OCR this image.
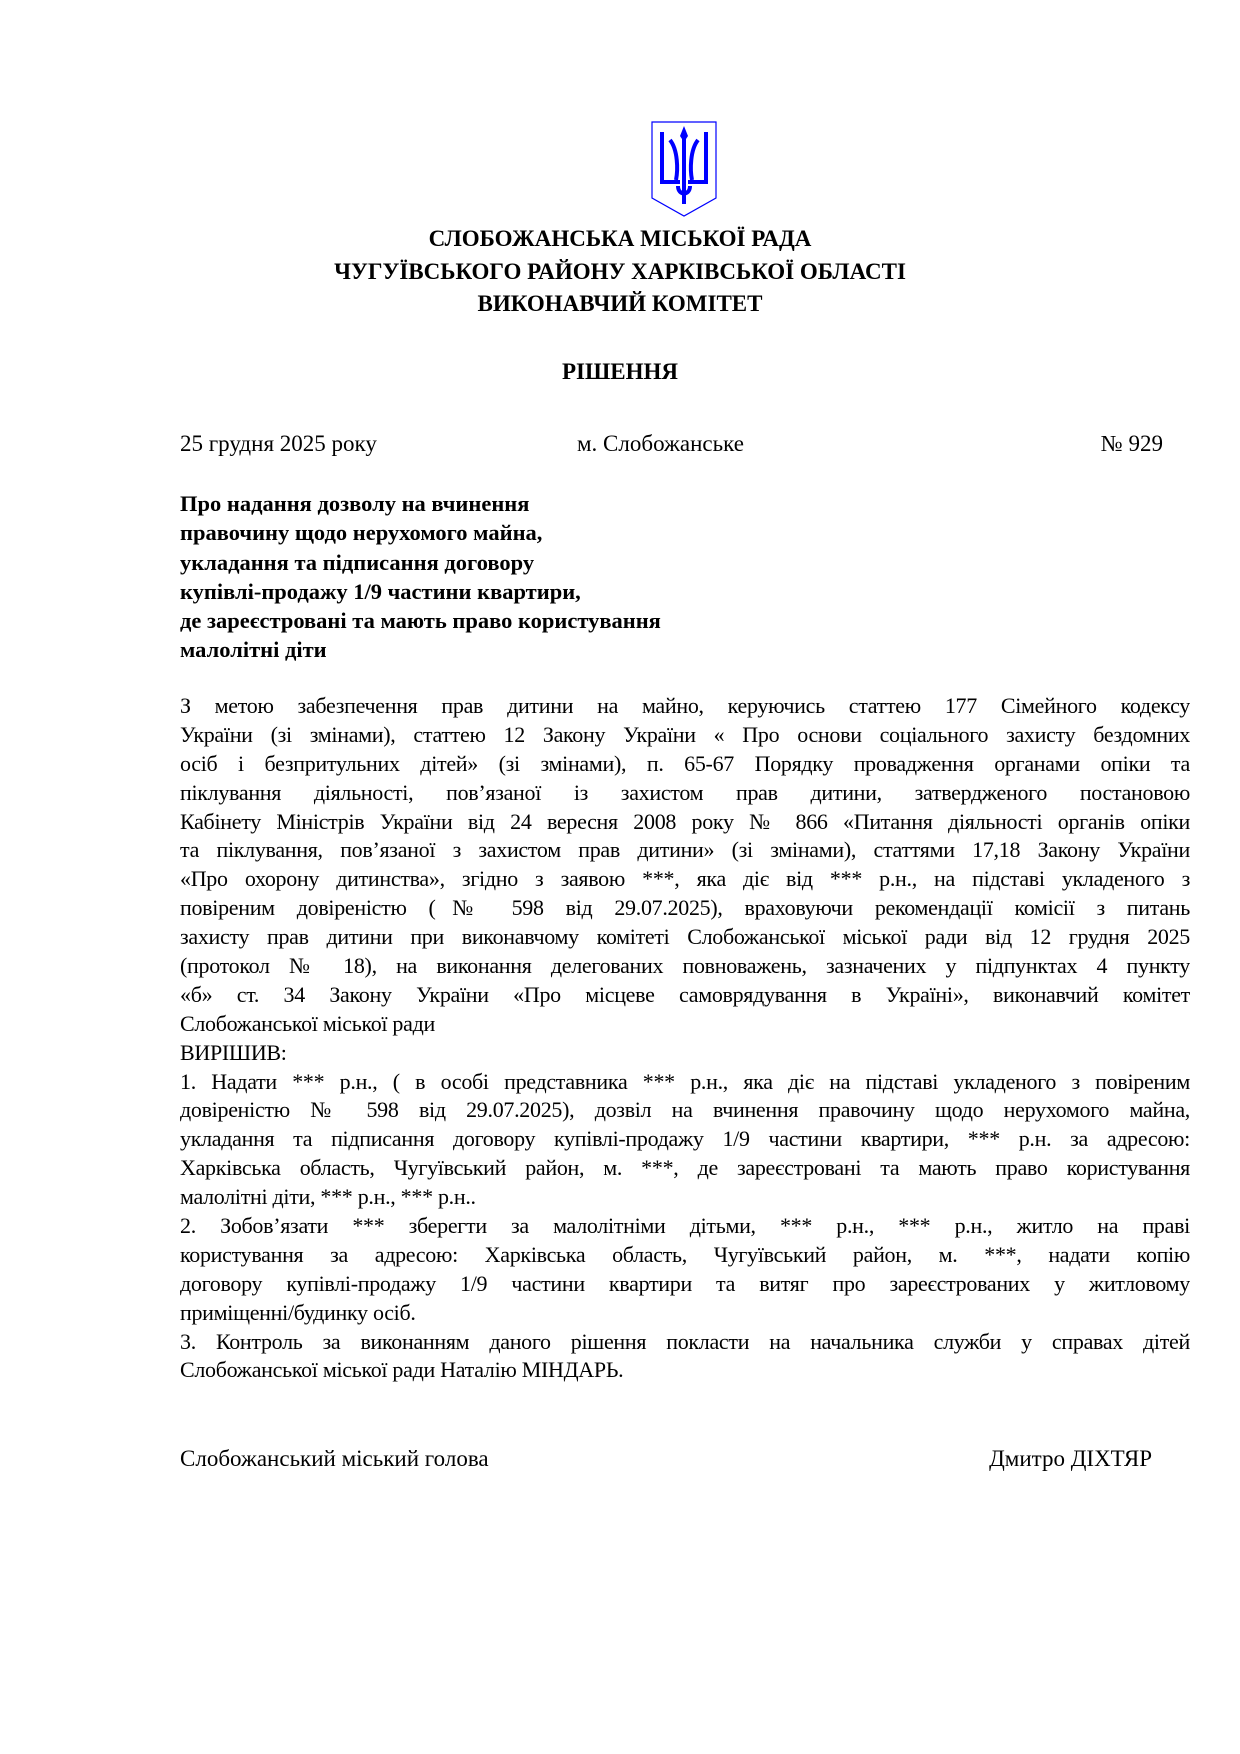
СЛОБОЖАНСЬКА МІСЬКОЇ РАДА
ЧУГУЇВСЬКОГО РАЙОНУ ХАРКІВСЬКОЇ ОБЛАСТІ
ВИКОНАВЧИЙ КОМІТЕТ
РІШЕННЯ
25 грудня 2025 року	м. Слобожанське	№ 929
Про надання дозволу на вчинення
правочину щодо нерухомого майна,
укладання та підписання договору
купівлі-продажу 1/9 частини квартири,
де зареєстровані та мають право користування
малолітні діти
З метою забезпечення прав дитини на майно, керуючись статтею 177 Сімейного кодексу
України (зі змінами), статтею 12 Закону України « Про основи соціального захисту бездомних
осіб і безпритульних дітей» (зі змінами), п. 65-67 Порядку провадження органами опіки та
піклування діяльності, пов’язаної із захистом прав дитини, затвердженого постановою
Кабінету Міністрів України від 24 вересня 2008 року № 866 «Питання діяльності органів опіки
та піклування, пов’язаної з захистом прав дитини» (зі змінами), статтями 17,18 Закону України
«Про охорону дитинства», згідно з заявою ***, яка діє від *** р.н., на підставі укладеного з
повіреним довіреністю (№ 598 від 29.07.2025), враховуючи рекомендації комісії з питань
захисту прав дитини при виконавчому комітеті Слобожанської міської ради від 12 грудня 2025
(протокол № 18), на виконання делегованих повноважень, зазначених у підпунктах 4 пункту
«б» ст. 34 Закону України «Про місцеве самоврядування в Україні», виконавчий комітет
Слобожанської міської ради
ВИРІШИВ:
1. Надати *** р.н., ( в особі представника *** р.н., яка діє на підставі укладеного з повіреним
довіреністю № 598 від 29.07.2025), дозвіл на вчинення правочину щодо нерухомого майна,
укладання та підписання договору купівлі-продажу 1/9 частини квартири, *** р.н. за адресою:
Харківська область, Чугуївський район, м. ***, де зареєстровані та мають право користування
малолітні діти, *** р.н., *** р.н..
2. Зобов’язати *** зберегти за малолітніми дітьми, *** р.н., *** р.н., житло на праві
користування за адресою: Харківська область, Чугуївський район, м. ***, надати копію
договору купівлі-продажу 1/9 частини квартири та витяг про зареєстрованих у житловому
приміщенні/будинку осіб.
3. Контроль за виконанням даного рішення покласти на начальника служби у справах дітей
Слобожанської міської ради Наталію МІНДАРЬ.
Слобожанський міський голова	Дмитро ДІХТЯР
